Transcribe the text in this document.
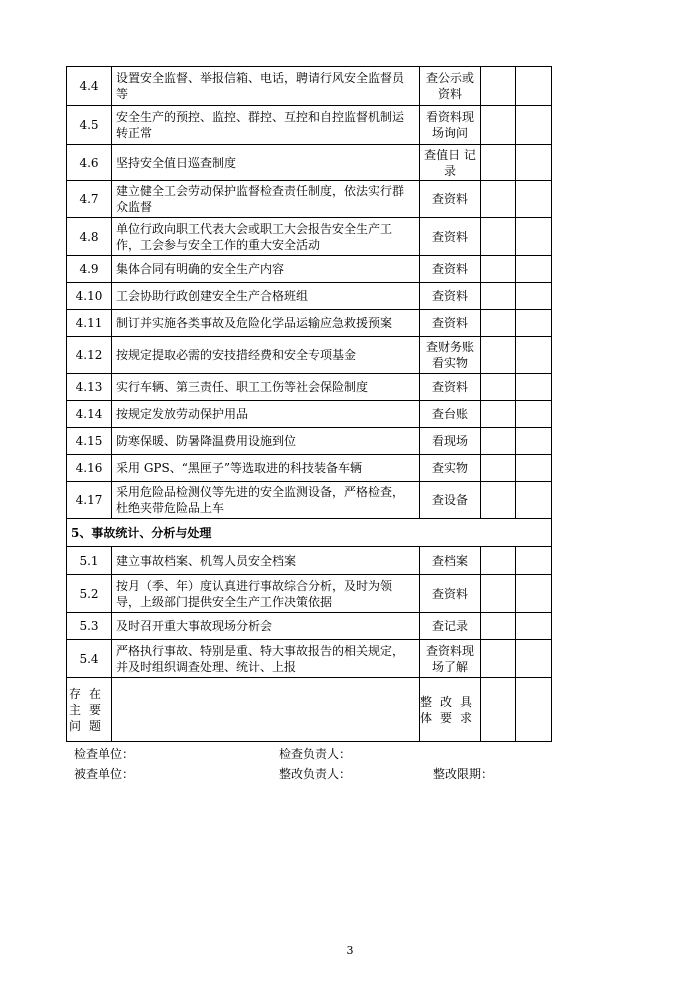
4.4	设置安全监督、举报信箱、电话，聘请行风安全监督员等	查公示或资料		
4.5	安全生产的预控、监控、群控、互控和自控监督机制运转正常	看资料现场询问		
4.6	坚持安全值日巡查制度	查值日 记 录		
4.7	建立健全工会劳动保护监督检查责任制度，依法实行群众监督	查资料		
4.8	单位行政向职工代表大会或职工大会报告安全生产工作，工会参与安全工作的重大安全活动	查资料		
4.9	集体合同有明确的安全生产内容	查资料		
4.10	工会协助行政创建安全生产合格班组	查资料		
4.11	制订并实施各类事故及危险化学品运输应急救援预案	查资料		
4.12	按规定提取必需的安技措经费和安全专项基金	查财务账看实物		
4.13	实行车辆、第三责任、职工工伤等社会保险制度	查资料		
4.14	按规定发放劳动保护用品	查台账		
4.15	防寒保暖、防暑降温费用设施到位	看现场		
4.16	采用 GPS、“黑匣子”等选取进的科技装备车辆	查实物		
4.17	采用危险品检测仪等先进的安全监测设备，严格检查，杜绝夹带危险品上车	查设备		
5、事故统计、分析与处理				
5.1	建立事故档案、机驾人员安全档案	查档案		
5.2	按月（季、年）度认真进行事故综合分析，及时为领导，上级部门提供安全生产工作决策依据	查资料		
5.3	及时召开重大事故现场分析会	查记录		
5.4	严格执行事故、特别是重、特大事故报告的相关规定，并及时组织调查处理、统计、上报	查资料现场了解		
存在主要问题		整改具体要求		
检查单位：	检查负责人：
被查单位：	整改负责人：	整改限期：
3
